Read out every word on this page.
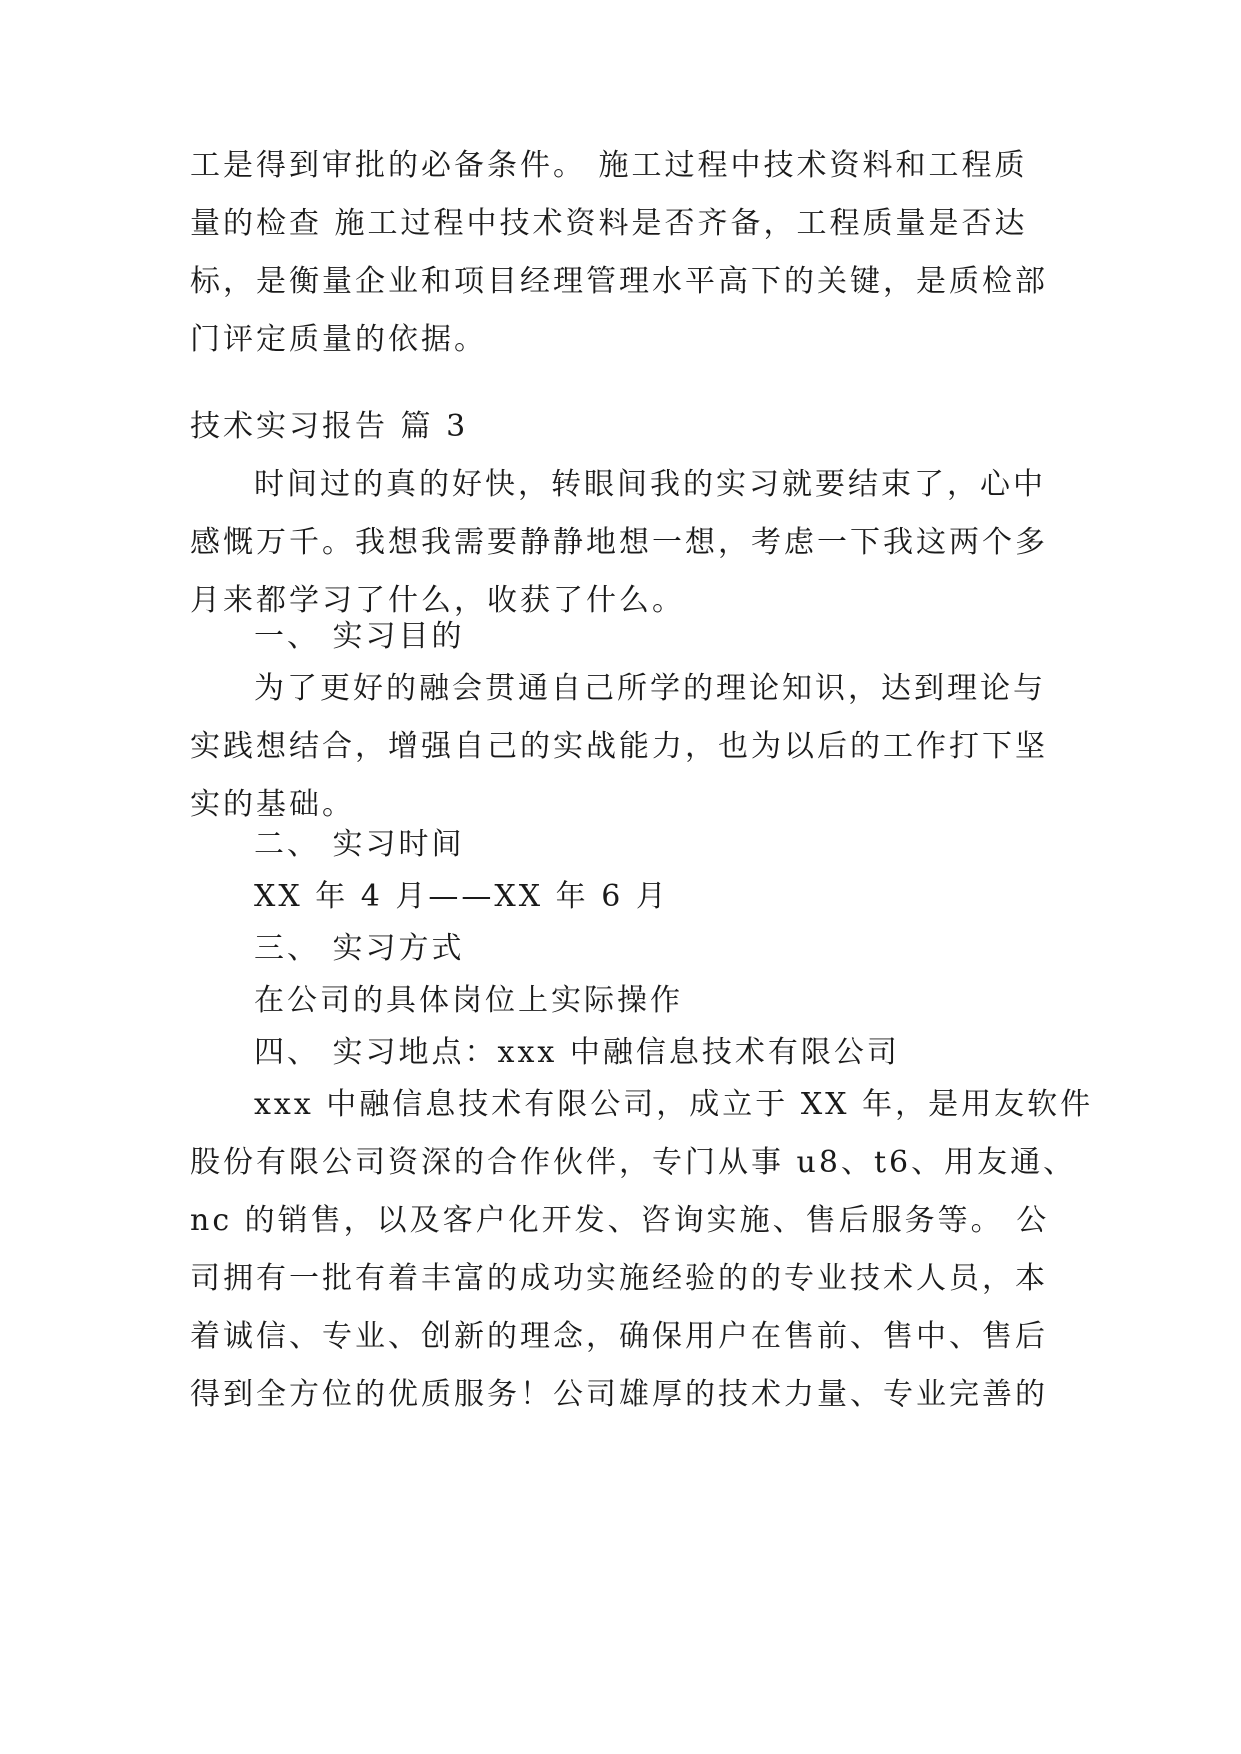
工是得到审批的必备条件。 施工过程中技术资料和工程质
量的检查 施工过程中技术资料是否齐备，工程质量是否达
标，是衡量企业和项目经理管理水平高下的关键，是质检部
门评定质量的依据。
技术实习报告 篇 3
时间过的真的好快，转眼间我的实习就要结束了，心中
感慨万千。我想我需要静静地想一想，考虑一下我这两个多
月来都学习了什么，收获了什么。
一、 实习目的
为了更好的融会贯通自己所学的理论知识，达到理论与
实践想结合，增强自己的实战能力，也为以后的工作打下坚
实的基础。
二、 实习时间
XX 年 4 月——XX 年 6 月
三、 实习方式
在公司的具体岗位上实际操作
四、 实习地点：xxx 中融信息技术有限公司
xxx 中融信息技术有限公司，成立于 XX 年，是用友软件
股份有限公司资深的合作伙伴，专门从事 u8、t6、用友通、
nc 的销售，以及客户化开发、咨询实施、售后服务等。 公
司拥有一批有着丰富的成功实施经验的的专业技术人员，本
着诚信、专业、创新的理念，确保用户在售前、售中、售后
得到全方位的优质服务！公司雄厚的技术力量、专业完善的
